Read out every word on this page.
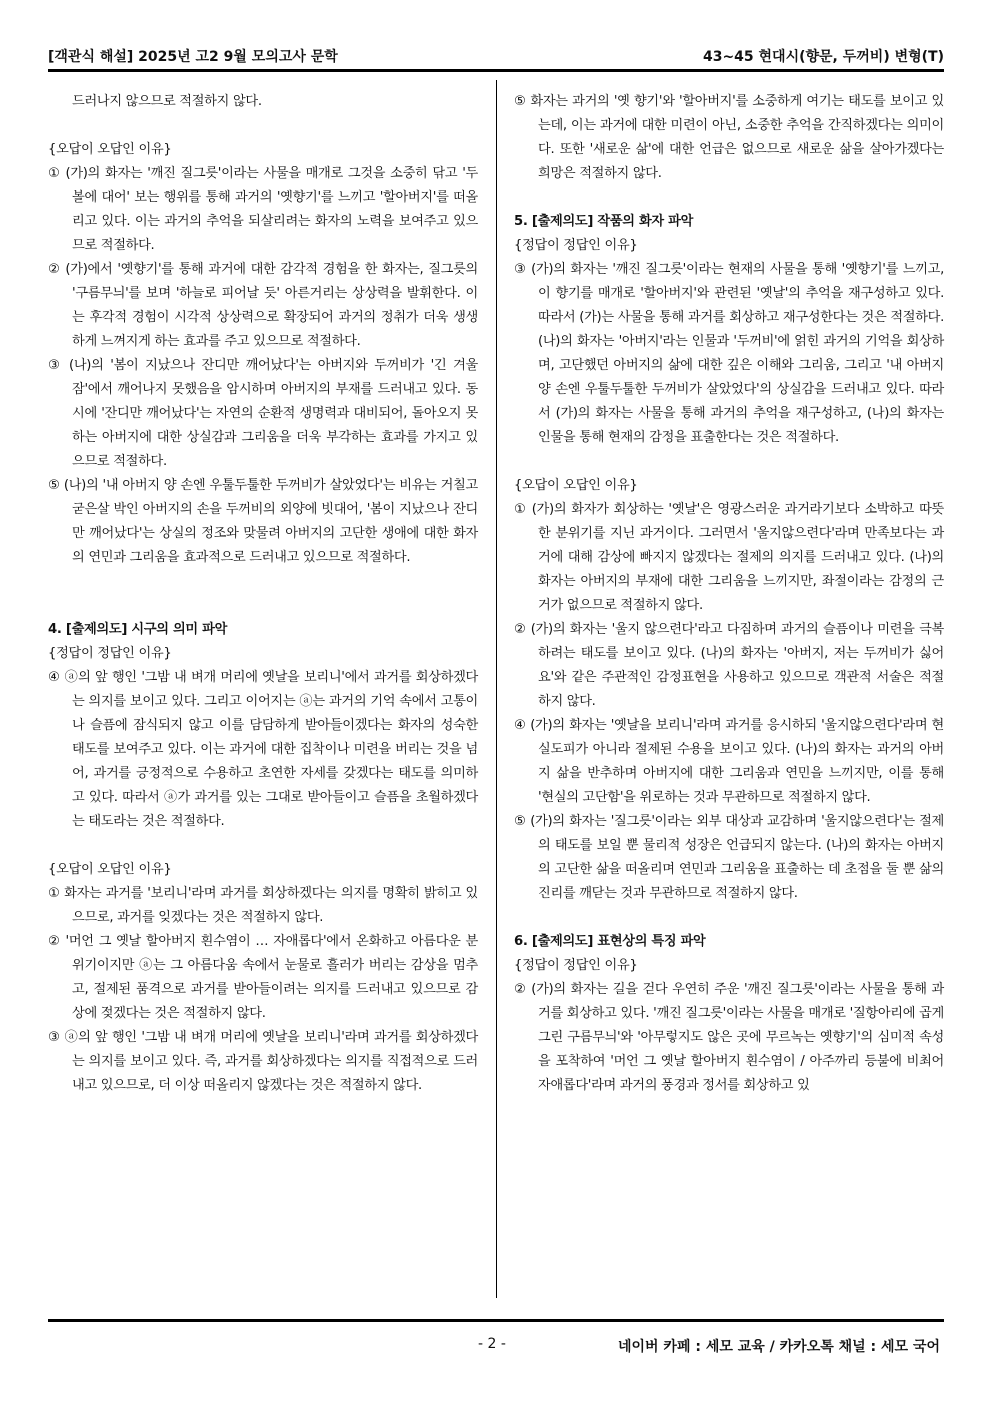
[객관식 해설] 2025년 고2 9월 모의고사 문학	43~45 현대시(향문, 두꺼비) 변형(T)

드러나지 않으므로 적절하지 않다.

{오답이 오답인 이유}

① (가)의 화자는 '깨진 질그릇'이라는 사물을 매개로 그것을 소중히 닦고 '두볼에 대어' 보는 행위를 통해 과거의 '옛향기'를 느끼고 '할아버지'를 떠올리고 있다. 이는 과거의 추억을 되살리려는 화자의 노력을 보여주고 있으므로 적절하다.

② (가)에서 '옛향기'를 통해 과거에 대한 감각적 경험을 한 화자는, 질그릇의 '구름무늬'를 보며 '하늘로 피어날 듯' 아른거리는 상상력을 발휘한다. 이는 후각적 경험이 시각적 상상력으로 확장되어 과거의 정취가 더욱 생생하게 느껴지게 하는 효과를 주고 있으므로 적절하다.

③ (나)의 '봄이 지났으나 잔디만 깨어났다'는 아버지와 두꺼비가 '긴 겨울잠'에서 깨어나지 못했음을 암시하며 아버지의 부재를 드러내고 있다. 동시에 '잔디만 깨어났다'는 자연의 순환적 생명력과 대비되어, 돌아오지 못하는 아버지에 대한 상실감과 그리움을 더욱 부각하는 효과를 가지고 있으므로 적절하다.

⑤ (나)의 '내 아버지 양 손엔 우툴두툴한 두꺼비가 살았었다'는 비유는 거칠고 굳은살 박인 아버지의 손을 두꺼비의 외양에 빗대어, '봄이 지났으나 잔디만 깨어났다'는 상실의 정조와 맞물려 아버지의 고단한 생애에 대한 화자의 연민과 그리움을 효과적으로 드러내고 있으므로 적절하다.

4. [출제의도] 시구의 의미 파악

{정답이 정답인 이유}

④ ⓐ의 앞 행인 '그밤 내 벼개 머리에 옛날을 보리니'에서 과거를 회상하겠다는 의지를 보이고 있다. 그리고 이어지는 ⓐ는 과거의 기억 속에서 고통이나 슬픔에 잠식되지 않고 이를 담담하게 받아들이겠다는 화자의 성숙한 태도를 보여주고 있다. 이는 과거에 대한 집착이나 미련을 버리는 것을 넘어, 과거를 긍정적으로 수용하고 초연한 자세를 갖겠다는 태도를 의미하고 있다. 따라서 ⓐ가 과거를 있는 그대로 받아들이고 슬픔을 초월하겠다는 태도라는 것은 적절하다.

{오답이 오답인 이유}

① 화자는 과거를 '보리니'라며 과거를 회상하겠다는 의지를 명확히 밝히고 있으므로, 과거를 잊겠다는 것은 적절하지 않다.

② '머언 그 옛날 할아버지 흰수염이 … 자애롭다'에서 온화하고 아름다운 분위기이지만 ⓐ는 그 아름다움 속에서 눈물로 흘러가 버리는 감상을 멈추고, 절제된 품격으로 과거를 받아들이려는 의지를 드러내고 있으므로 감상에 젖겠다는 것은 적절하지 않다.

③ ⓐ의 앞 행인 '그밤 내 벼개 머리에 옛날을 보리니'라며 과거를 회상하겠다는 의지를 보이고 있다. 즉, 과거를 회상하겠다는 의지를 직접적으로 드러내고 있으므로, 더 이상 떠올리지 않겠다는 것은 적절하지 않다.

⑤ 화자는 과거의 '옛 향기'와 '할아버지'를 소중하게 여기는 태도를 보이고 있는데, 이는 과거에 대한 미련이 아닌, 소중한 추억을 간직하겠다는 의미이다. 또한 '새로운 삶'에 대한 언급은 없으므로 새로운 삶을 살아가겠다는 희망은 적절하지 않다.

5. [출제의도] 작품의 화자 파악

{정답이 정답인 이유}

③ (가)의 화자는 '깨진 질그릇'이라는 현재의 사물을 통해 '옛향기'를 느끼고, 이 향기를 매개로 '할아버지'와 관련된 '옛날'의 추억을 재구성하고 있다. 따라서 (가)는 사물을 통해 과거를 회상하고 재구성한다는 것은 적절하다. (나)의 화자는 '아버지'라는 인물과 '두꺼비'에 얽힌 과거의 기억을 회상하며, 고단했던 아버지의 삶에 대한 깊은 이해와 그리움, 그리고 '내 아버지 양 손엔 우툴두툴한 두꺼비가 살았었다'의 상실감을 드러내고 있다. 따라서 (가)의 화자는 사물을 통해 과거의 추억을 재구성하고, (나)의 화자는 인물을 통해 현재의 감정을 표출한다는 것은 적절하다.

{오답이 오답인 이유}

① (가)의 화자가 회상하는 '옛날'은 영광스러운 과거라기보다 소박하고 따뜻한 분위기를 지닌 과거이다. 그러면서 '울지않으련다'라며 만족보다는 과거에 대해 감상에 빠지지 않겠다는 절제의 의지를 드러내고 있다. (나)의 화자는 아버지의 부재에 대한 그리움을 느끼지만, 좌절이라는 감정의 근거가 없으므로 적절하지 않다.

② (가)의 화자는 '울지 않으련다'라고 다짐하며 과거의 슬픔이나 미련을 극복하려는 태도를 보이고 있다. (나)의 화자는 '아버지, 저는 두꺼비가 싫어요'와 같은 주관적인 감정표현을 사용하고 있으므로 객관적 서술은 적절하지 않다.

④ (가)의 화자는 '옛날을 보리니'라며 과거를 응시하되 '울지않으련다'라며 현실도피가 아니라 절제된 수용을 보이고 있다. (나)의 화자는 과거의 아버지 삶을 반추하며 아버지에 대한 그리움과 연민을 느끼지만, 이를 통해 '현실의 고단함'을 위로하는 것과 무관하므로 적절하지 않다.

⑤ (가)의 화자는 '질그릇'이라는 외부 대상과 교감하며 '울지않으련다'는 절제의 태도를 보일 뿐 물리적 성장은 언급되지 않는다. (나)의 화자는 아버지의 고단한 삶을 떠올리며 연민과 그리움을 표출하는 데 초점을 둘 뿐 삶의 진리를 깨닫는 것과 무관하므로 적절하지 않다.

6. [출제의도] 표현상의 특징 파악

{정답이 정답인 이유}

② (가)의 화자는 길을 걷다 우연히 주운 '깨진 질그릇'이라는 사물을 통해 과거를 회상하고 있다. '깨진 질그릇'이라는 사물을 매개로 '질항아리에 곱게 그린 구름무늬'와 '아무렇지도 않은 곳에 무르녹는 옛향기'의 심미적 속성을 포착하여 '머언 그 옛날 할아버지 흰수염이 / 아주까리 등불에 비최어 자애롭다'라며 과거의 풍경과 정서를 회상하고 있

- 2 -	네이버 카페 : 세모 교육 / 카카오톡 채널 : 세모 국어
